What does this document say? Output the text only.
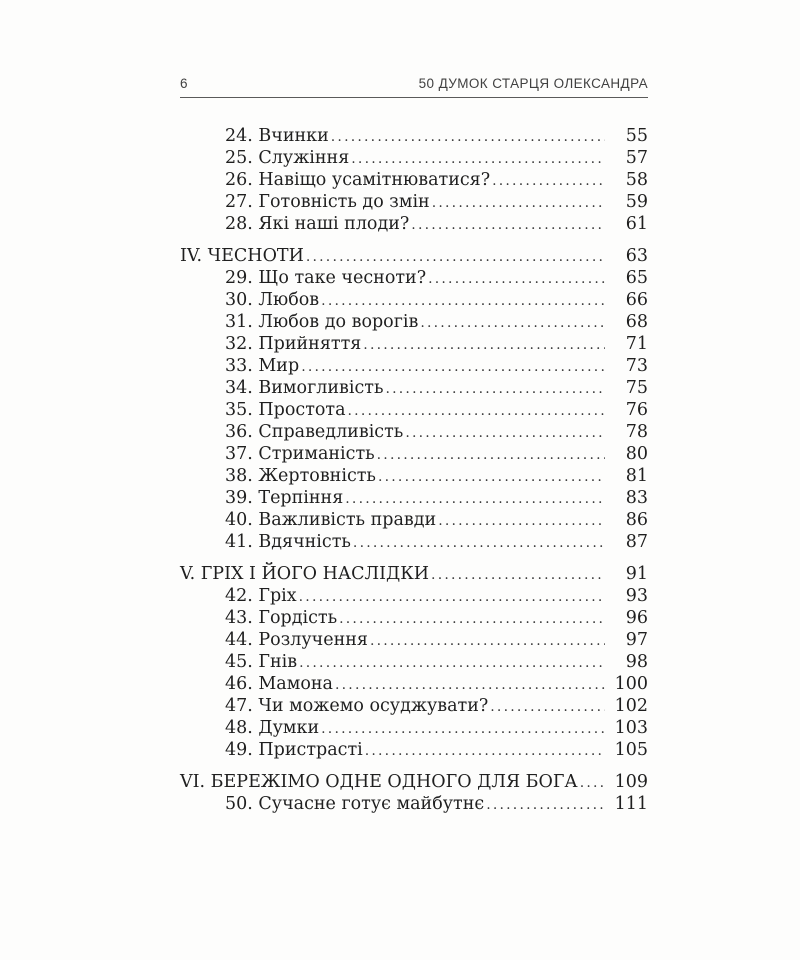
6	50 ДУМОК СТАРЦЯ ОЛЕКСАНДРА
24. Вчинки .....	55
25. Служіння .....	57
26. Навіщо усамітнюватися? .....	58
27. Готовність до змін .....	59
28. Які наші плоди? .....	61
IV. ЧЕСНОТИ .....	63
29. Що таке чесноти? .....	65
30. Любов .....	66
31. Любов до ворогів .....	68
32. Прийняття .....	71
33. Мир .....	73
34. Вимогливість .....	75
35. Простота .....	76
36. Справедливість .....	78
37. Стриманість .....	80
38. Жертовність .....	81
39. Терпіння .....	83
40. Важливість правди .....	86
41. Вдячність .....	87
V. ГРІХ І ЙОГО НАСЛІДКИ .....	91
42. Гріх .....	93
43. Гордість .....	96
44. Розлучення .....	97
45. Гнів .....	98
46. Мамона .....	100
47. Чи можемо осуджувати? .....	102
48. Думки .....	103
49. Пристрасті .....	105
VI. БЕРЕЖІМО ОДНЕ ОДНОГО ДЛЯ БОГА .....	109
50. Сучасне готує майбутнє .....	111
